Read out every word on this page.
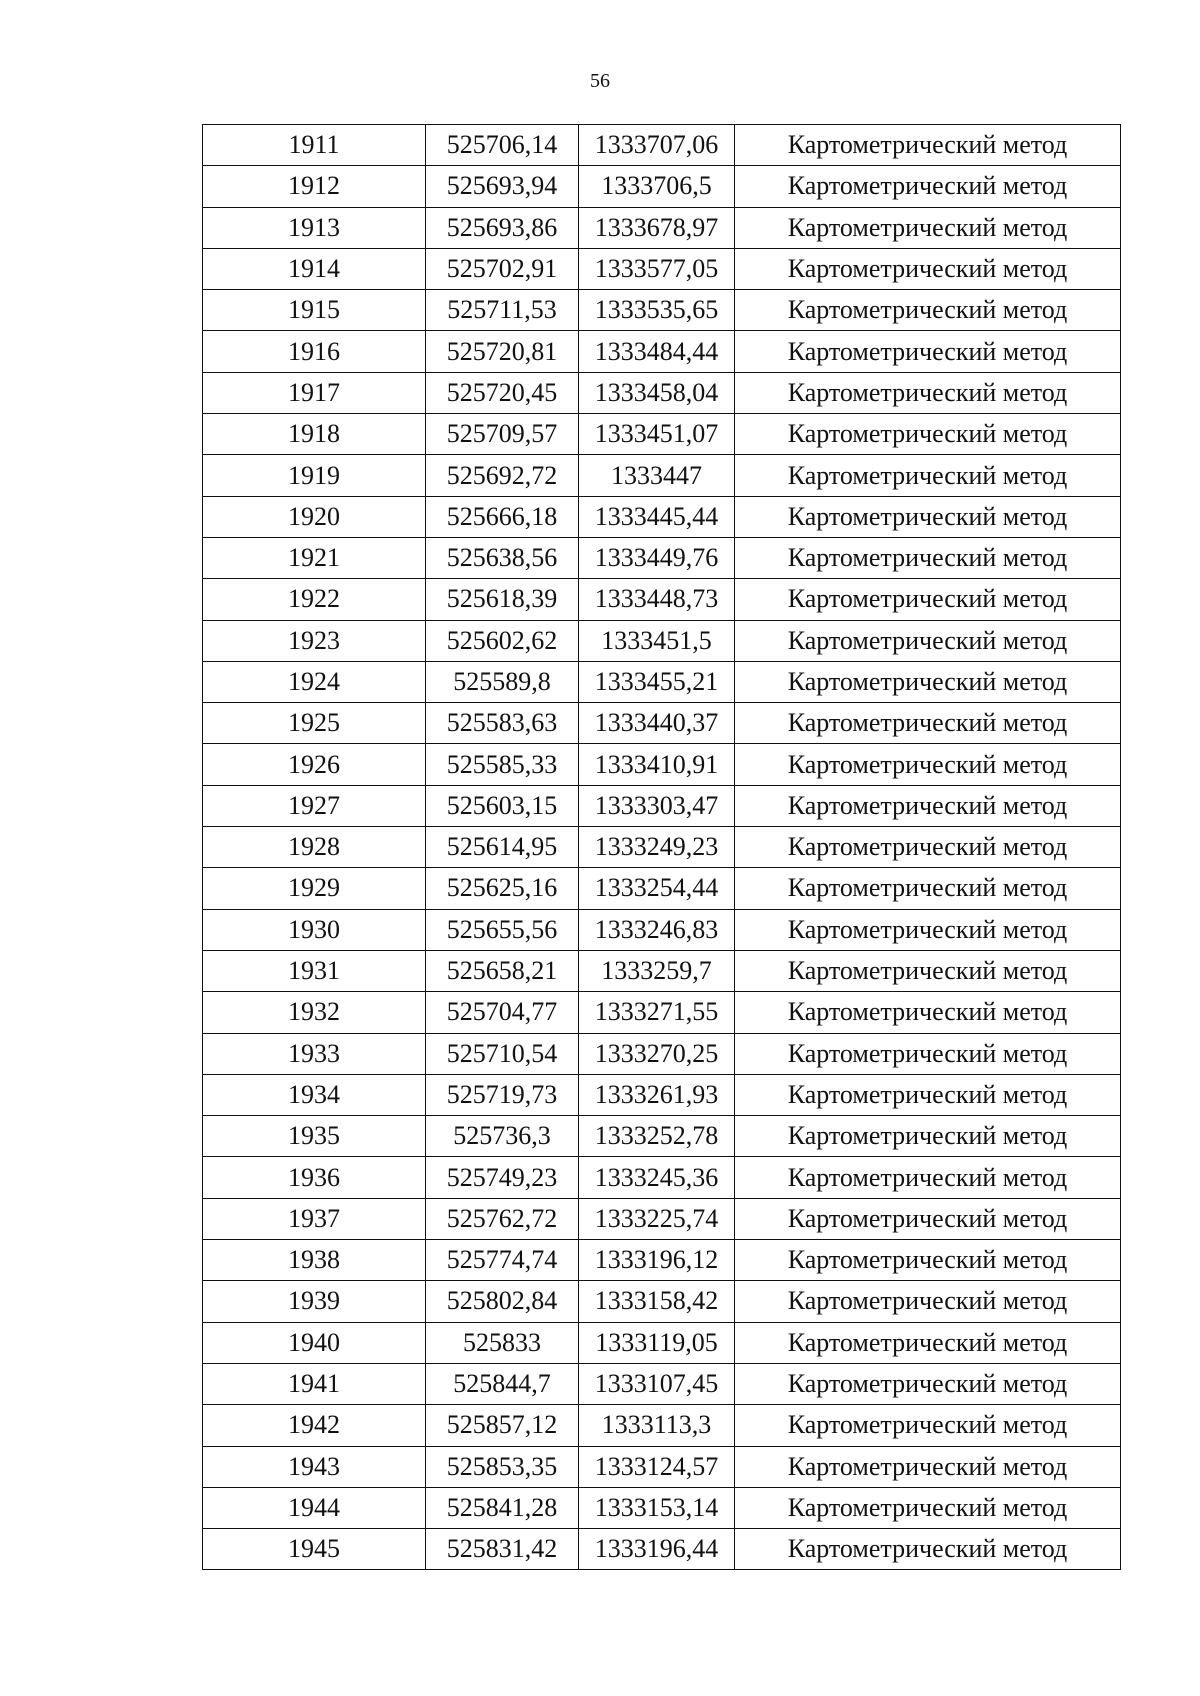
56
1911	525706,14	1333707,06	Картометрический метод
1912	525693,94	1333706,5	Картометрический метод
1913	525693,86	1333678,97	Картометрический метод
1914	525702,91	1333577,05	Картометрический метод
1915	525711,53	1333535,65	Картометрический метод
1916	525720,81	1333484,44	Картометрический метод
1917	525720,45	1333458,04	Картометрический метод
1918	525709,57	1333451,07	Картометрический метод
1919	525692,72	1333447	Картометрический метод
1920	525666,18	1333445,44	Картометрический метод
1921	525638,56	1333449,76	Картометрический метод
1922	525618,39	1333448,73	Картометрический метод
1923	525602,62	1333451,5	Картометрический метод
1924	525589,8	1333455,21	Картометрический метод
1925	525583,63	1333440,37	Картометрический метод
1926	525585,33	1333410,91	Картометрический метод
1927	525603,15	1333303,47	Картометрический метод
1928	525614,95	1333249,23	Картометрический метод
1929	525625,16	1333254,44	Картометрический метод
1930	525655,56	1333246,83	Картометрический метод
1931	525658,21	1333259,7	Картометрический метод
1932	525704,77	1333271,55	Картометрический метод
1933	525710,54	1333270,25	Картометрический метод
1934	525719,73	1333261,93	Картометрический метод
1935	525736,3	1333252,78	Картометрический метод
1936	525749,23	1333245,36	Картометрический метод
1937	525762,72	1333225,74	Картометрический метод
1938	525774,74	1333196,12	Картометрический метод
1939	525802,84	1333158,42	Картометрический метод
1940	525833	1333119,05	Картометрический метод
1941	525844,7	1333107,45	Картометрический метод
1942	525857,12	1333113,3	Картометрический метод
1943	525853,35	1333124,57	Картометрический метод
1944	525841,28	1333153,14	Картометрический метод
1945	525831,42	1333196,44	Картометрический метод
